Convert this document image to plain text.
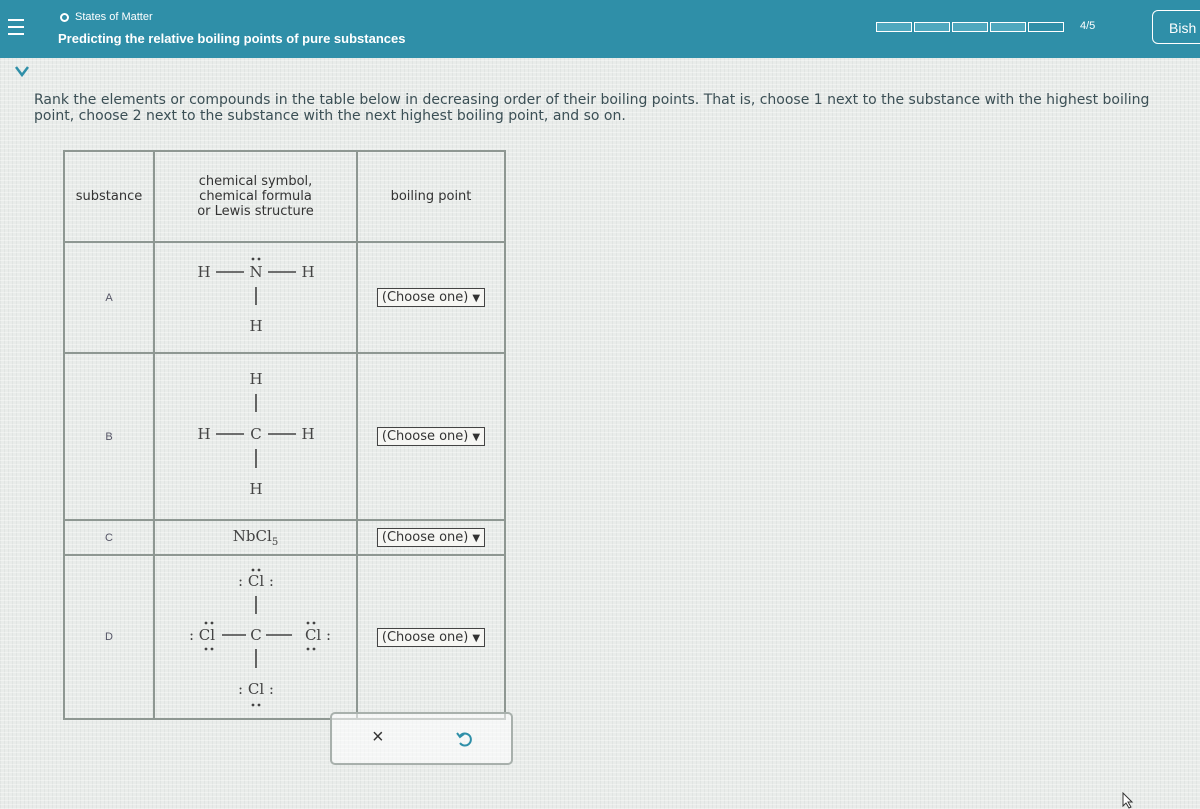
States of Matter
Predicting the relative boiling points of pure substances
4/5	Bish
Rank the elements or compounds in the table below in decreasing order of their boiling points. That is, choose 1 next to the substance with the highest boiling point, choose 2 next to the substance with the next highest boiling point, and so on.
substance	chemical symbol,
chemical formula
or Lewis structure	boiling point
A	H N H
H	(Choose one) ▼
B	H
H C H
H	(Choose one) ▼
C	NbCl$_5$	(Choose one) ▼
D	: Cl :
: Cl C Cl :
: Cl :	(Choose one) ▼
×
